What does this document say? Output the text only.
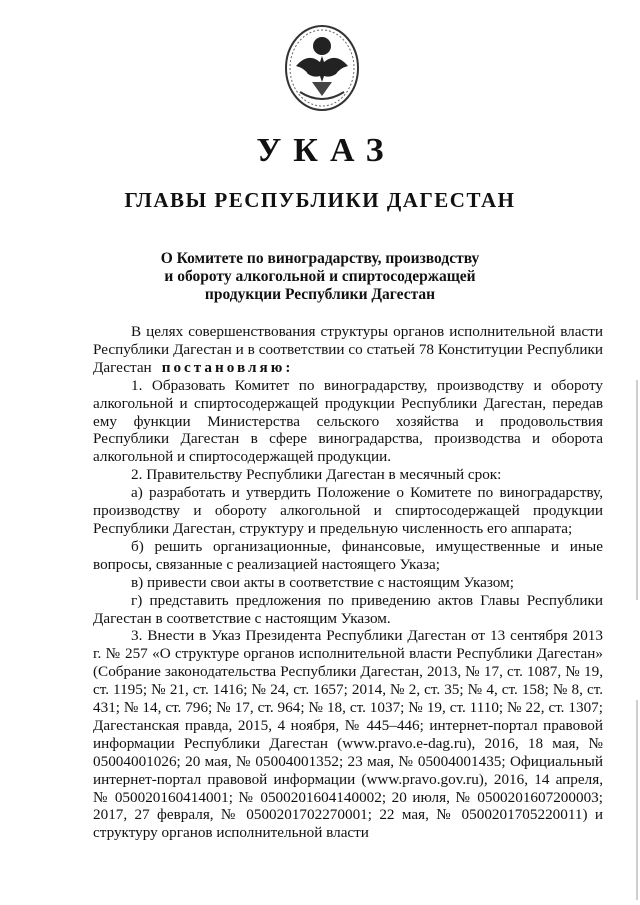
УКАЗ
ГЛАВЫ РЕСПУБЛИКИ ДАГЕСТАН
О Комитете по виноградарству, производству
и обороту алкогольной и спиртосодержащей
продукции Республики Дагестан

В целях совершенствования структуры органов исполнительной власти Республики Дагестан и в соответствии со статьей 78 Конституции Республики Дагестан постановляю:

1. Образовать Комитет по виноградарству, производству и обороту алкогольной и спиртосодержащей продукции Республики Дагестан, передав ему функции Министерства сельского хозяйства и продовольствия Республики Дагестан в сфере виноградарства, производства и оборота алкогольной и спиртосодержащей продукции.

2. Правительству Республики Дагестан в месячный срок:

а) разработать и утвердить Положение о Комитете по виноградарству, производству и обороту алкогольной и спиртосодержащей продукции Республики Дагестан, структуру и предельную численность его аппарата;

б) решить организационные, финансовые, имущественные и иные вопросы, связанные с реализацией настоящего Указа;

в) привести свои акты в соответствие с настоящим Указом;

г) представить предложения по приведению актов Главы Республики Дагестан в соответствие с настоящим Указом.

3. Внести в Указ Президента Республики Дагестан от 13 сентября 2013 г. № 257 «О структуре органов исполнительной власти Республики Дагестан» (Собрание законодательства Республики Дагестан, 2013, № 17, ст. 1087, № 19, ст. 1195; № 21, ст. 1416; № 24, ст. 1657; 2014, № 2, ст. 35; № 4, ст. 158; № 8, ст. 431; № 14, ст. 796; № 17, ст. 964; № 18, ст. 1037; № 19, ст. 1110; № 22, ст. 1307; Дагестанская правда, 2015, 4 ноября, № 445–446; интернет-портал правовой информации Республики Дагестан (www.pravo.e-dag.ru), 2016, 18 мая, № 05004001026; 20 мая, № 05004001352; 23 мая, № 05004001435; Официальный интернет-портал правовой информации (www.pravo.gov.ru), 2016, 14 апреля, № 050020160414001; № 0500201604140002; 20 июля, № 0500201607200003; 2017, 27 февраля, № 0500201702270001; 22 мая, № 0500201705220011) и структуру органов исполнительной власти
